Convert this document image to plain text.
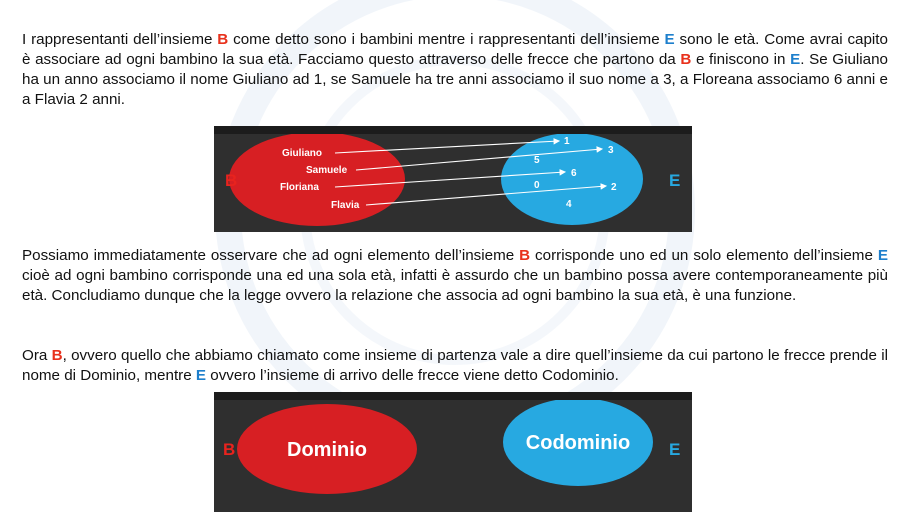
I rappresentanti dell’insieme B come detto sono i bambini mentre i rappresentanti dell’insieme E sono le età. Come avrai capito è associare ad ogni bambino la sua età. Facciamo questo attraverso delle frecce che partono da B e finiscono in E. Se Giuliano ha un anno associamo il nome Giuliano ad 1, se Samuele ha tre anni associamo il suo nome a 3, a Floreana associamo 6 anni e a Flavia 2 anni.

B	E
Giuliano
Samuele
Floriana
Flavia
1
3
6
2
5
0
4

Possiamo immediatamente osservare che ad ogni elemento dell’insieme B corrisponde uno ed un solo elemento dell’insieme E cioè ad ogni bambino corrisponde una ed una sola età, infatti è assurdo che un bambino possa avere contemporaneamente più età. Concludiamo dunque che la legge ovvero la relazione che associa ad ogni bambino la sua età, è una funzione.

Ora B, ovvero quello che abbiamo chiamato come insieme di partenza vale a dire quell’insieme da cui partono le frecce prende il nome di Dominio, mentre E ovvero l’insieme di arrivo delle frecce viene detto Codominio.

B	E
Dominio	Codominio
